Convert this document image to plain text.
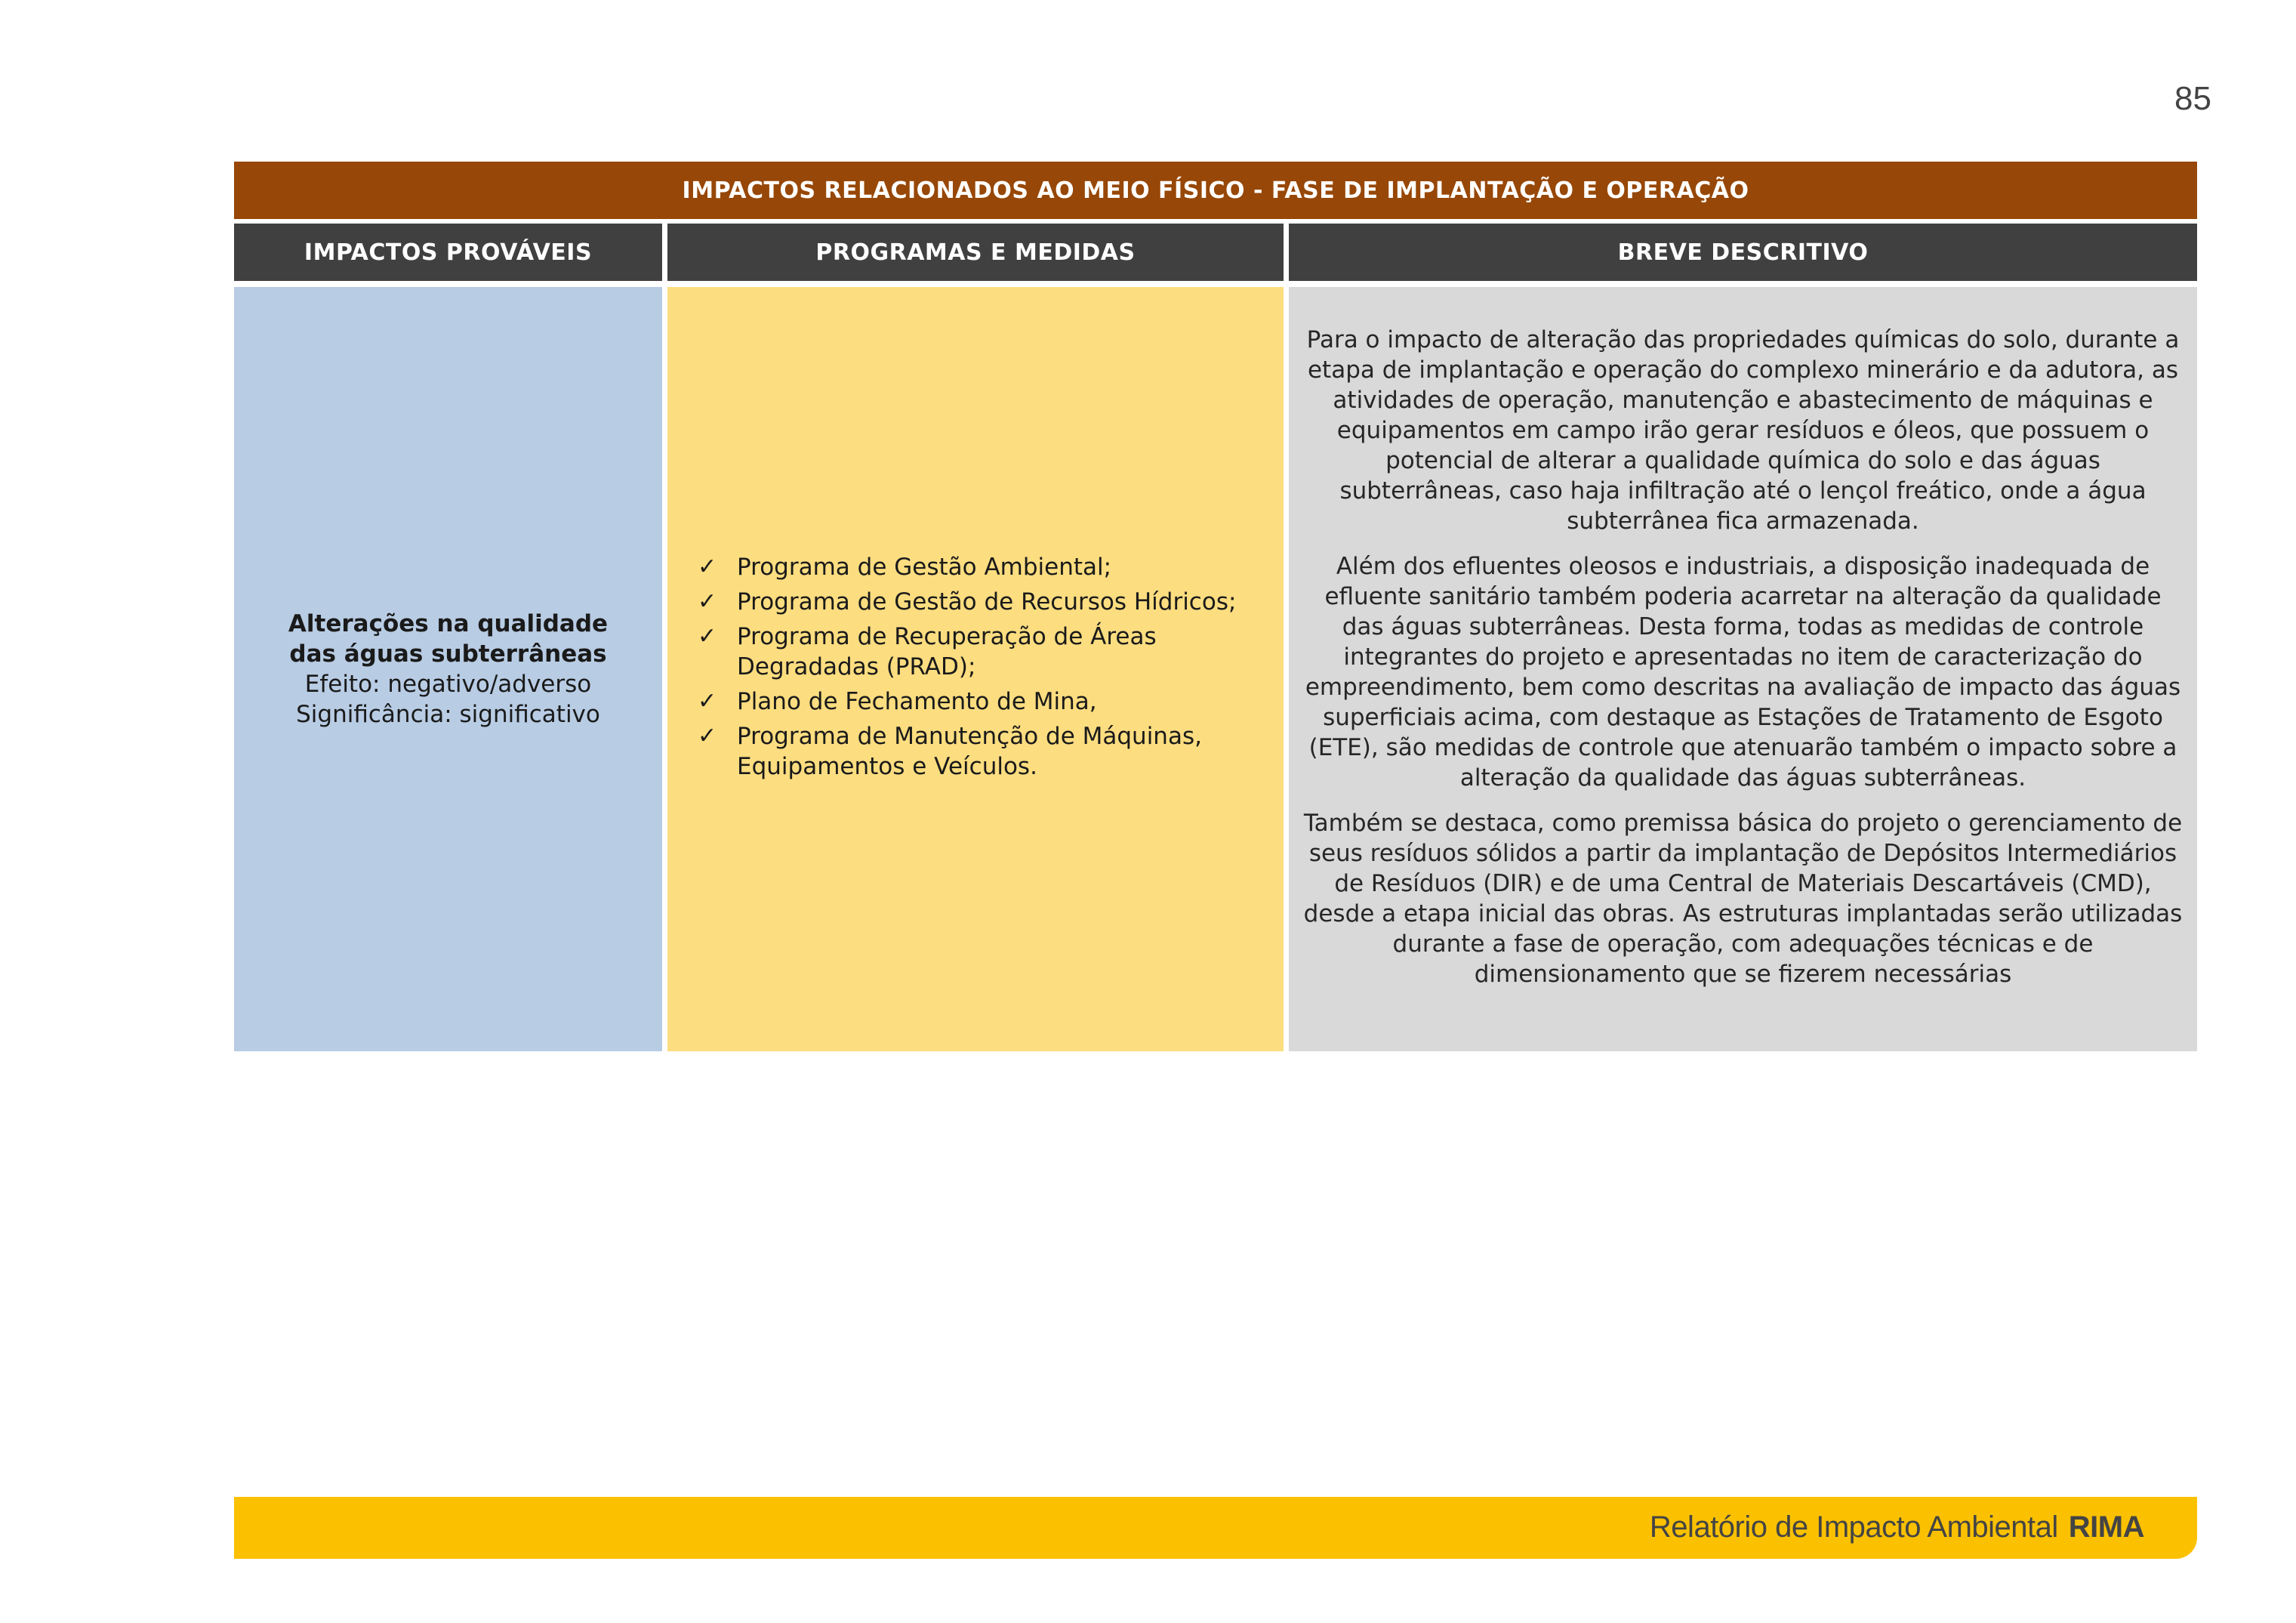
85
IMPACTOS RELACIONADOS AO MEIO FÍSICO - FASE DE IMPLANTAÇÃO E OPERAÇÃO
IMPACTOS PROVÁVEIS	PROGRAMAS E MEDIDAS	BREVE DESCRITIVO
Alterações na qualidade das águas subterrâneas
Efeito: negativo/adverso
Significância: significativo
✓ Programa de Gestão Ambiental;
✓ Programa de Gestão de Recursos Hídricos;
✓ Programa de Recuperação de Áreas Degradadas (PRAD);
✓ Plano de Fechamento de Mina,
✓ Programa de Manutenção de Máquinas, Equipamentos e Veículos.

Para o impacto de alteração das propriedades químicas do solo, durante a etapa de implantação e operação do complexo minerário e da adutora, as atividades de operação, manutenção e abastecimento de máquinas e equipamentos em campo irão gerar resíduos e óleos, que possuem o potencial de alterar a qualidade química do solo e das águas subterrâneas, caso haja infiltração até o lençol freático, onde a água subterrânea fica armazenada.

Além dos efluentes oleosos e industriais, a disposição inadequada de efluente sanitário também poderia acarretar na alteração da qualidade das águas subterrâneas. Desta forma, todas as medidas de controle integrantes do projeto e apresentadas no item de caracterização do empreendimento, bem como descritas na avaliação de impacto das águas superficiais acima, com destaque as Estações de Tratamento de Esgoto (ETE), são medidas de controle que atenuarão também o impacto sobre a alteração da qualidade das águas subterrâneas.

Também se destaca, como premissa básica do projeto o gerenciamento de seus resíduos sólidos a partir da implantação de Depósitos Intermediários de Resíduos (DIR) e de uma Central de Materiais Descartáveis (CMD), desde a etapa inicial das obras. As estruturas implantadas serão utilizadas durante a fase de operação, com adequações técnicas e de dimensionamento que se fizerem necessárias

Relatório de Impacto Ambiental RIMA
